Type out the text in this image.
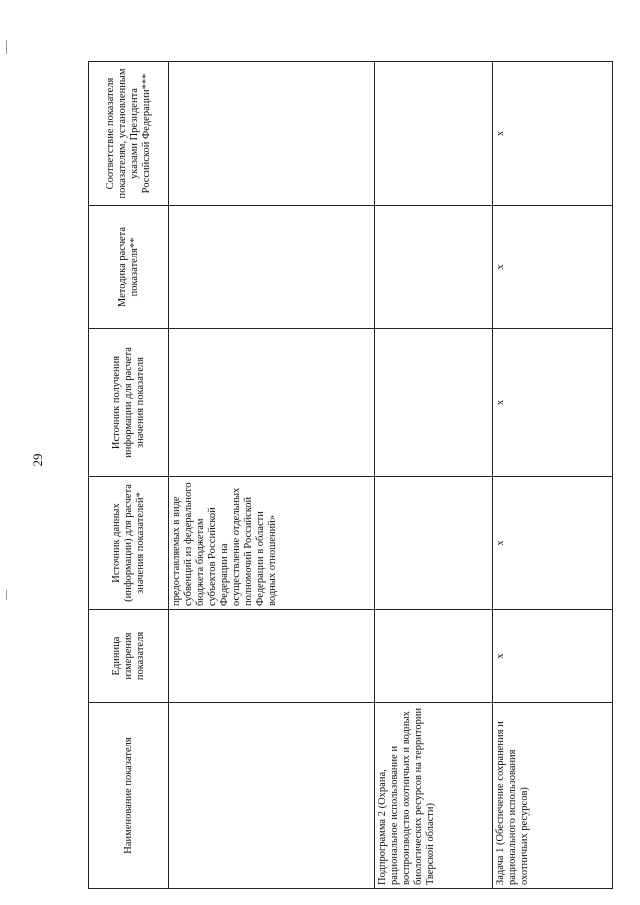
29
Наименование показателя	Единица измерения показателя	Источник данных (информации) для расчета значения показателей*	Источник получения информации для расчета значения показателя	Методика расчета показателя**	Соответствие показателя показателям, установленным указами Президента Российской Федерации***
		предоставляемых в виде субвенций из федерального бюджета бюджетам субъектов Российской Федерации на осуществление отдельных полномочий Российской Федерации в области водных отношений»			
Подпрограмма 2 (Охрана, рациональное использование и воспроизводство охотничьих и водных биологических ресурсов на территории Тверской области)					
Задача 1 (Обеспечение сохранения и рационального использования охотничьих ресурсов)	x	x	x	x	x
